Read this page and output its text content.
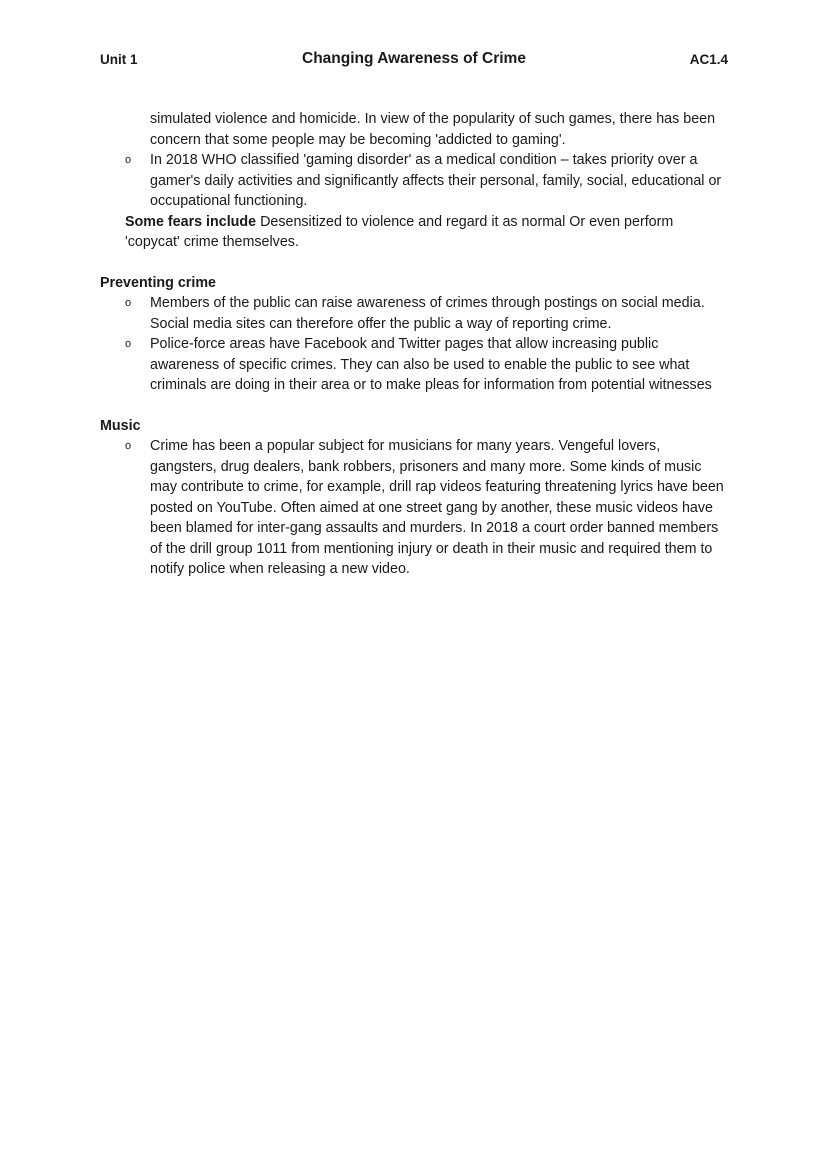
Unit 1	Changing Awareness of Crime	AC1.4

simulated violence and homicide. In view of the popularity of such games, there has been concern that some people may be becoming 'addicted to gaming'.

o In 2018 WHO classified 'gaming disorder' as a medical condition – takes priority over a gamer's daily activities and significantly affects their personal, family, social, educational or occupational functioning.

Some fears include Desensitized to violence and regard it as normal Or even perform 'copycat' crime themselves.

Preventing crime

o Members of the public can raise awareness of crimes through postings on social media. Social media sites can therefore offer the public a way of reporting crime.
o Police-force areas have Facebook and Twitter pages that allow increasing public awareness of specific crimes. They can also be used to enable the public to see what criminals are doing in their area or to make pleas for information from potential witnesses

Music

o Crime has been a popular subject for musicians for many years. Vengeful lovers, gangsters, drug dealers, bank robbers, prisoners and many more. Some kinds of music may contribute to crime, for example, drill rap videos featuring threatening lyrics have been posted on YouTube. Often aimed at one street gang by another, these music videos have been blamed for inter-gang assaults and murders. In 2018 a court order banned members of the drill group 1011 from mentioning injury or death in their music and required them to notify police when releasing a new video.
